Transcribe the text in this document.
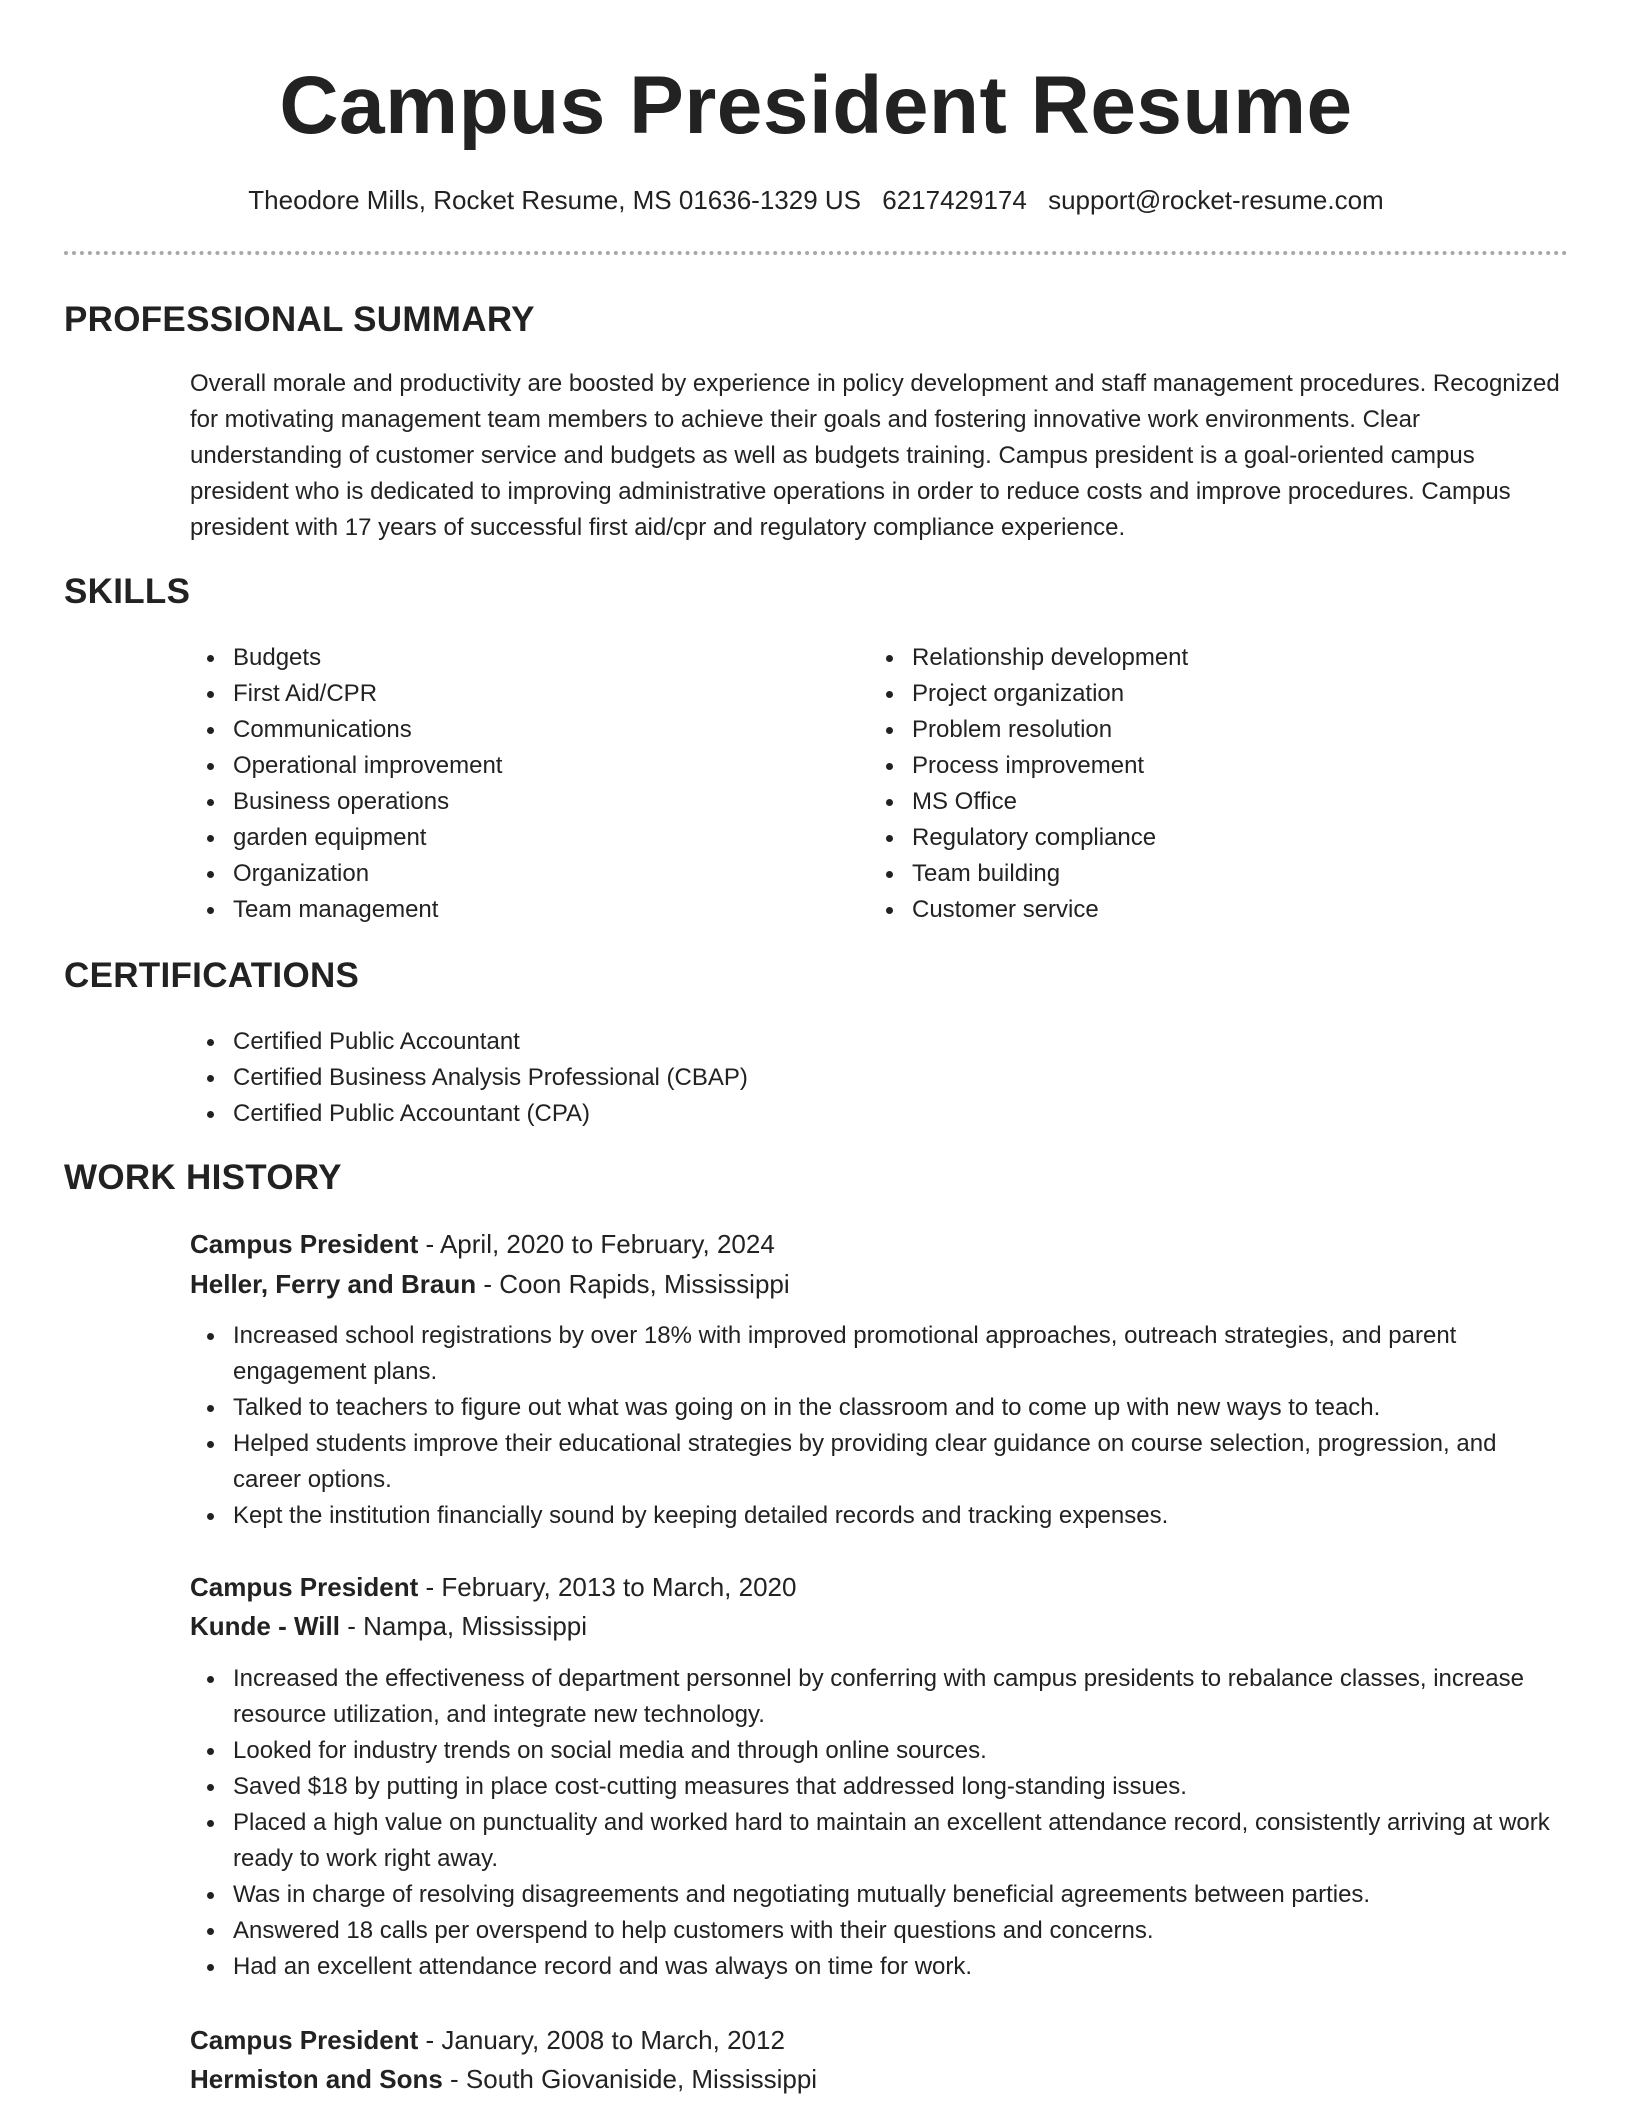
Campus President Resume
Theodore Mills, Rocket Resume, MS 01636-1329 US 6217429174 support@rocket-resume.com
PROFESSIONAL SUMMARY

Overall morale and productivity are boosted by experience in policy development and staff management procedures. Recognized for motivating management team members to achieve their goals and fostering innovative work environments. Clear understanding of customer service and budgets as well as budgets training. Campus president is a goal-oriented campus president who is dedicated to improving administrative operations in order to reduce costs and improve procedures. Campus president with 17 years of successful first aid/cpr and regulatory compliance experience.

SKILLS
Budgets
First Aid/CPR
Communications
Operational improvement
Business operations
garden equipment
Organization
Team management
Relationship development
Project organization
Problem resolution
Process improvement
MS Office
Regulatory compliance
Team building
Customer service
CERTIFICATIONS
Certified Public Accountant
Certified Business Analysis Professional (CBAP)
Certified Public Accountant (CPA)
WORK HISTORY
Campus President - April, 2020 to February, 2024
Heller, Ferry and Braun - Coon Rapids, Mississippi
Increased school registrations by over 18% with improved promotional approaches, outreach strategies, and parent engagement plans.
Talked to teachers to figure out what was going on in the classroom and to come up with new ways to teach.
Helped students improve their educational strategies by providing clear guidance on course selection, progression, and career options.
Kept the institution financially sound by keeping detailed records and tracking expenses.
Campus President - February, 2013 to March, 2020
Kunde - Will - Nampa, Mississippi
Increased the effectiveness of department personnel by conferring with campus presidents to rebalance classes, increase resource utilization, and integrate new technology.
Looked for industry trends on social media and through online sources.
Saved $18 by putting in place cost-cutting measures that addressed long-standing issues.
Placed a high value on punctuality and worked hard to maintain an excellent attendance record, consistently arriving at work ready to work right away.
Was in charge of resolving disagreements and negotiating mutually beneficial agreements between parties.
Answered 18 calls per overspend to help customers with their questions and concerns.
Had an excellent attendance record and was always on time for work.
Campus President - January, 2008 to March, 2012
Hermiston and Sons - South Giovaniside, Mississippi
